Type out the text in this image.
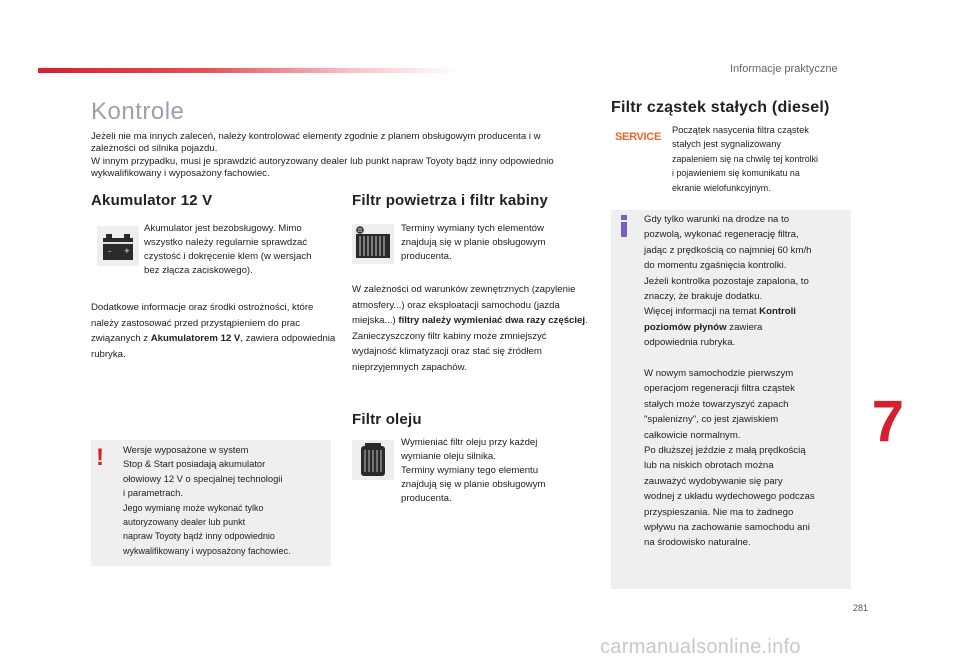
Informacje praktyczne
Kontrole

Jeżeli nie ma innych zaleceń, należy kontrolować elementy zgodnie z planem obsługowym producenta i w zależności od silnika pojazdu.

W innym przypadku, musi je sprawdzić autoryzowany dealer lub punkt napraw Toyoty bądź inny odpowiednio wykwalifikowany i wyposażony fachowiec.

Akumulator 12 V
– +
Akumulator jest bezobsługowy. Mimo wszystko należy regularnie sprawdzać czystość i dokręcenie klem (w wersjach bez złącza zaciskowego).
Dodatkowe informacje oraz środki ostrożności, które należy zastosować przed przystąpieniem do prac związanych z Akumulatorem 12 V, zawiera odpowiednia rubryka.
! Wersje wyposażone w system

Stop & Start posiadają akumulator

ołowiowy 12 V o specjalnej technologii

i parametrach.

Jego wymianę może wykonać tylko

autoryzowany dealer lub punkt

napraw Toyoty bądź inny odpowiednio

wykwalifikowany i wyposażony fachowiec.

Filtr powietrza i filtr kabiny
Terminy wymiany tych elementów znajdują się w planie obsługowym producenta.
W zależności od warunków zewnętrznych (zapylenie atmosfery...) oraz eksploatacji samochodu (jazda miejska...) filtry należy wymieniać dwa razy częściej.
Zanieczyszczony filtr kabiny może zmniejszyć wydajność klimatyzacji oraz stać się źródłem nieprzyjemnych zapachów.
Filtr oleju

Wymieniać filtr oleju przy każdej

wymianie oleju silnika.

Terminy wymiany tego elementu

znajdują się w planie obsługowym

producenta.

Filtr cząstek stałych (diesel)
SERVICE

Początek nasycenia filtra cząstek

stałych jest sygnalizowany

zapaleniem się na chwilę tej kontrolki

i pojawieniem się komunikatu na

ekranie wielofunkcyjnym.

Gdy tylko warunki na drodze na to

pozwolą, wykonać regenerację filtra,

jadąc z prędkością co najmniej 60 km/h

do momentu zgaśnięcia kontrolki.

Jeżeli kontrolka pozostaje zapalona, to

znaczy, że brakuje dodatku.

Więcej informacji na temat Kontroli

poziomów płynów zawiera

odpowiednia rubryka.

W nowym samochodzie pierwszym

operacjom regeneracji filtra cząstek

stałych może towarzyszyć zapach

"spalenizny", co jest zjawiskiem

całkowicie normalnym.

Po dłuższej jeździe z małą prędkością

lub na niskich obrotach można

zauważyć wydobywanie się pary

wodnej z układu wydechowego podczas

przyspieszania. Nie ma to żadnego

wpływu na zachowanie samochodu ani

na środowisko naturalne.

7
281
carmanualsonline.info
